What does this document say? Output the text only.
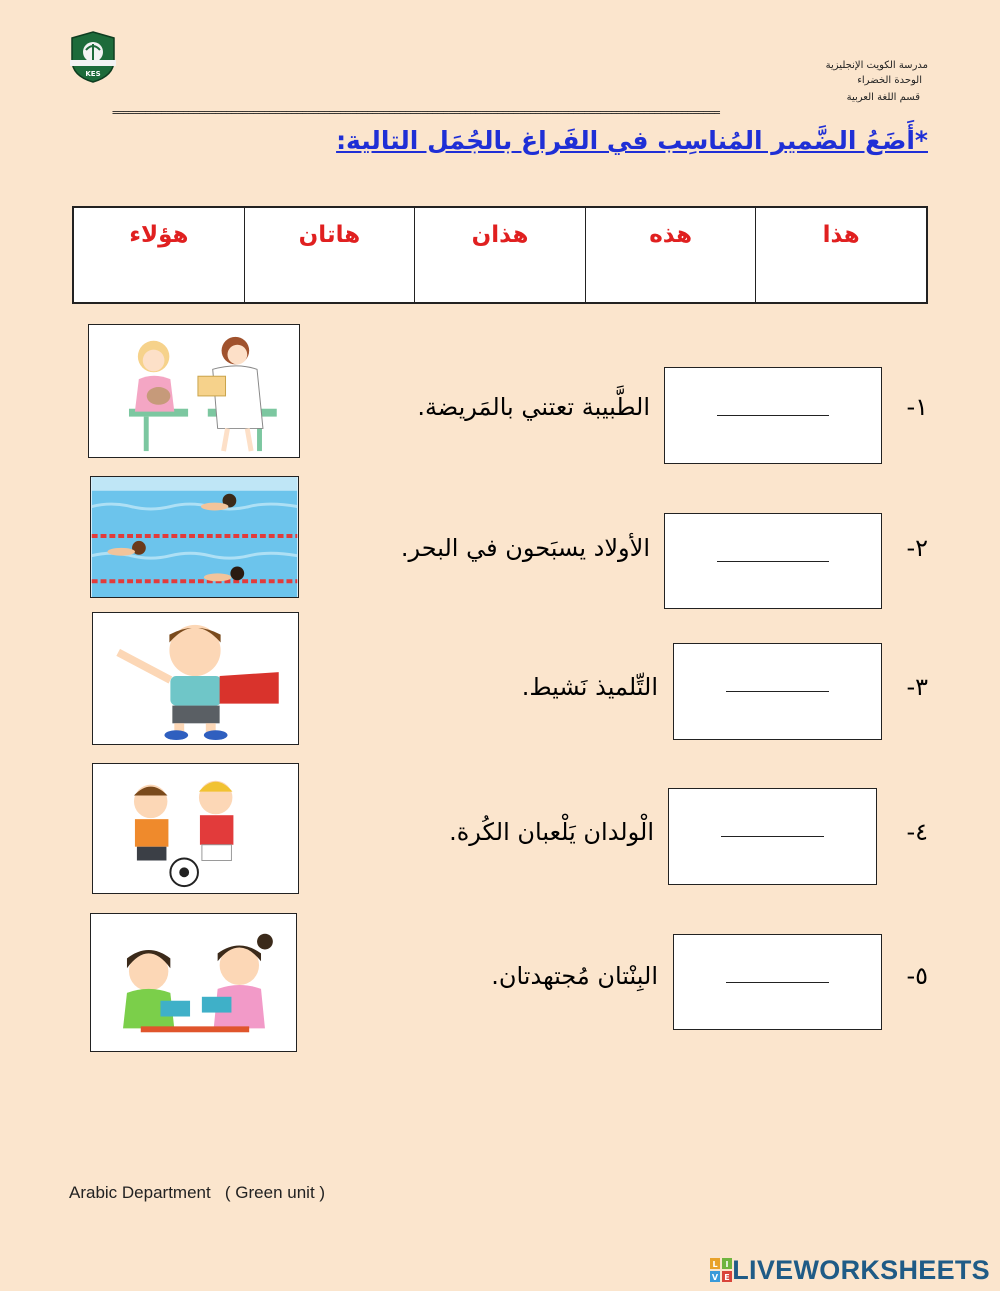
KES
مدرسة الكويت الإنجليزية
الوحدة الخضراء
قسم اللغة العربية
================================================================================================================
*أَضَعُ الضَّمير المُناسِب في الفَراغ بالجُمَل التالية:
هذا
هذه
هذان
هاتان
هؤلاء
١-
الطَّبيبة تعتني بالمَريضة.
٢-
الأولاد يسبَحون في البحر.
٣-
التِّلميذ نَشيط.
٤-
الْولدان يَلْعبان الكُرة.
٥-
البِنْتان مُجتهدتان.
Arabic Department   ( Green unit )
L I
V E LIVEWORKSHEETS
